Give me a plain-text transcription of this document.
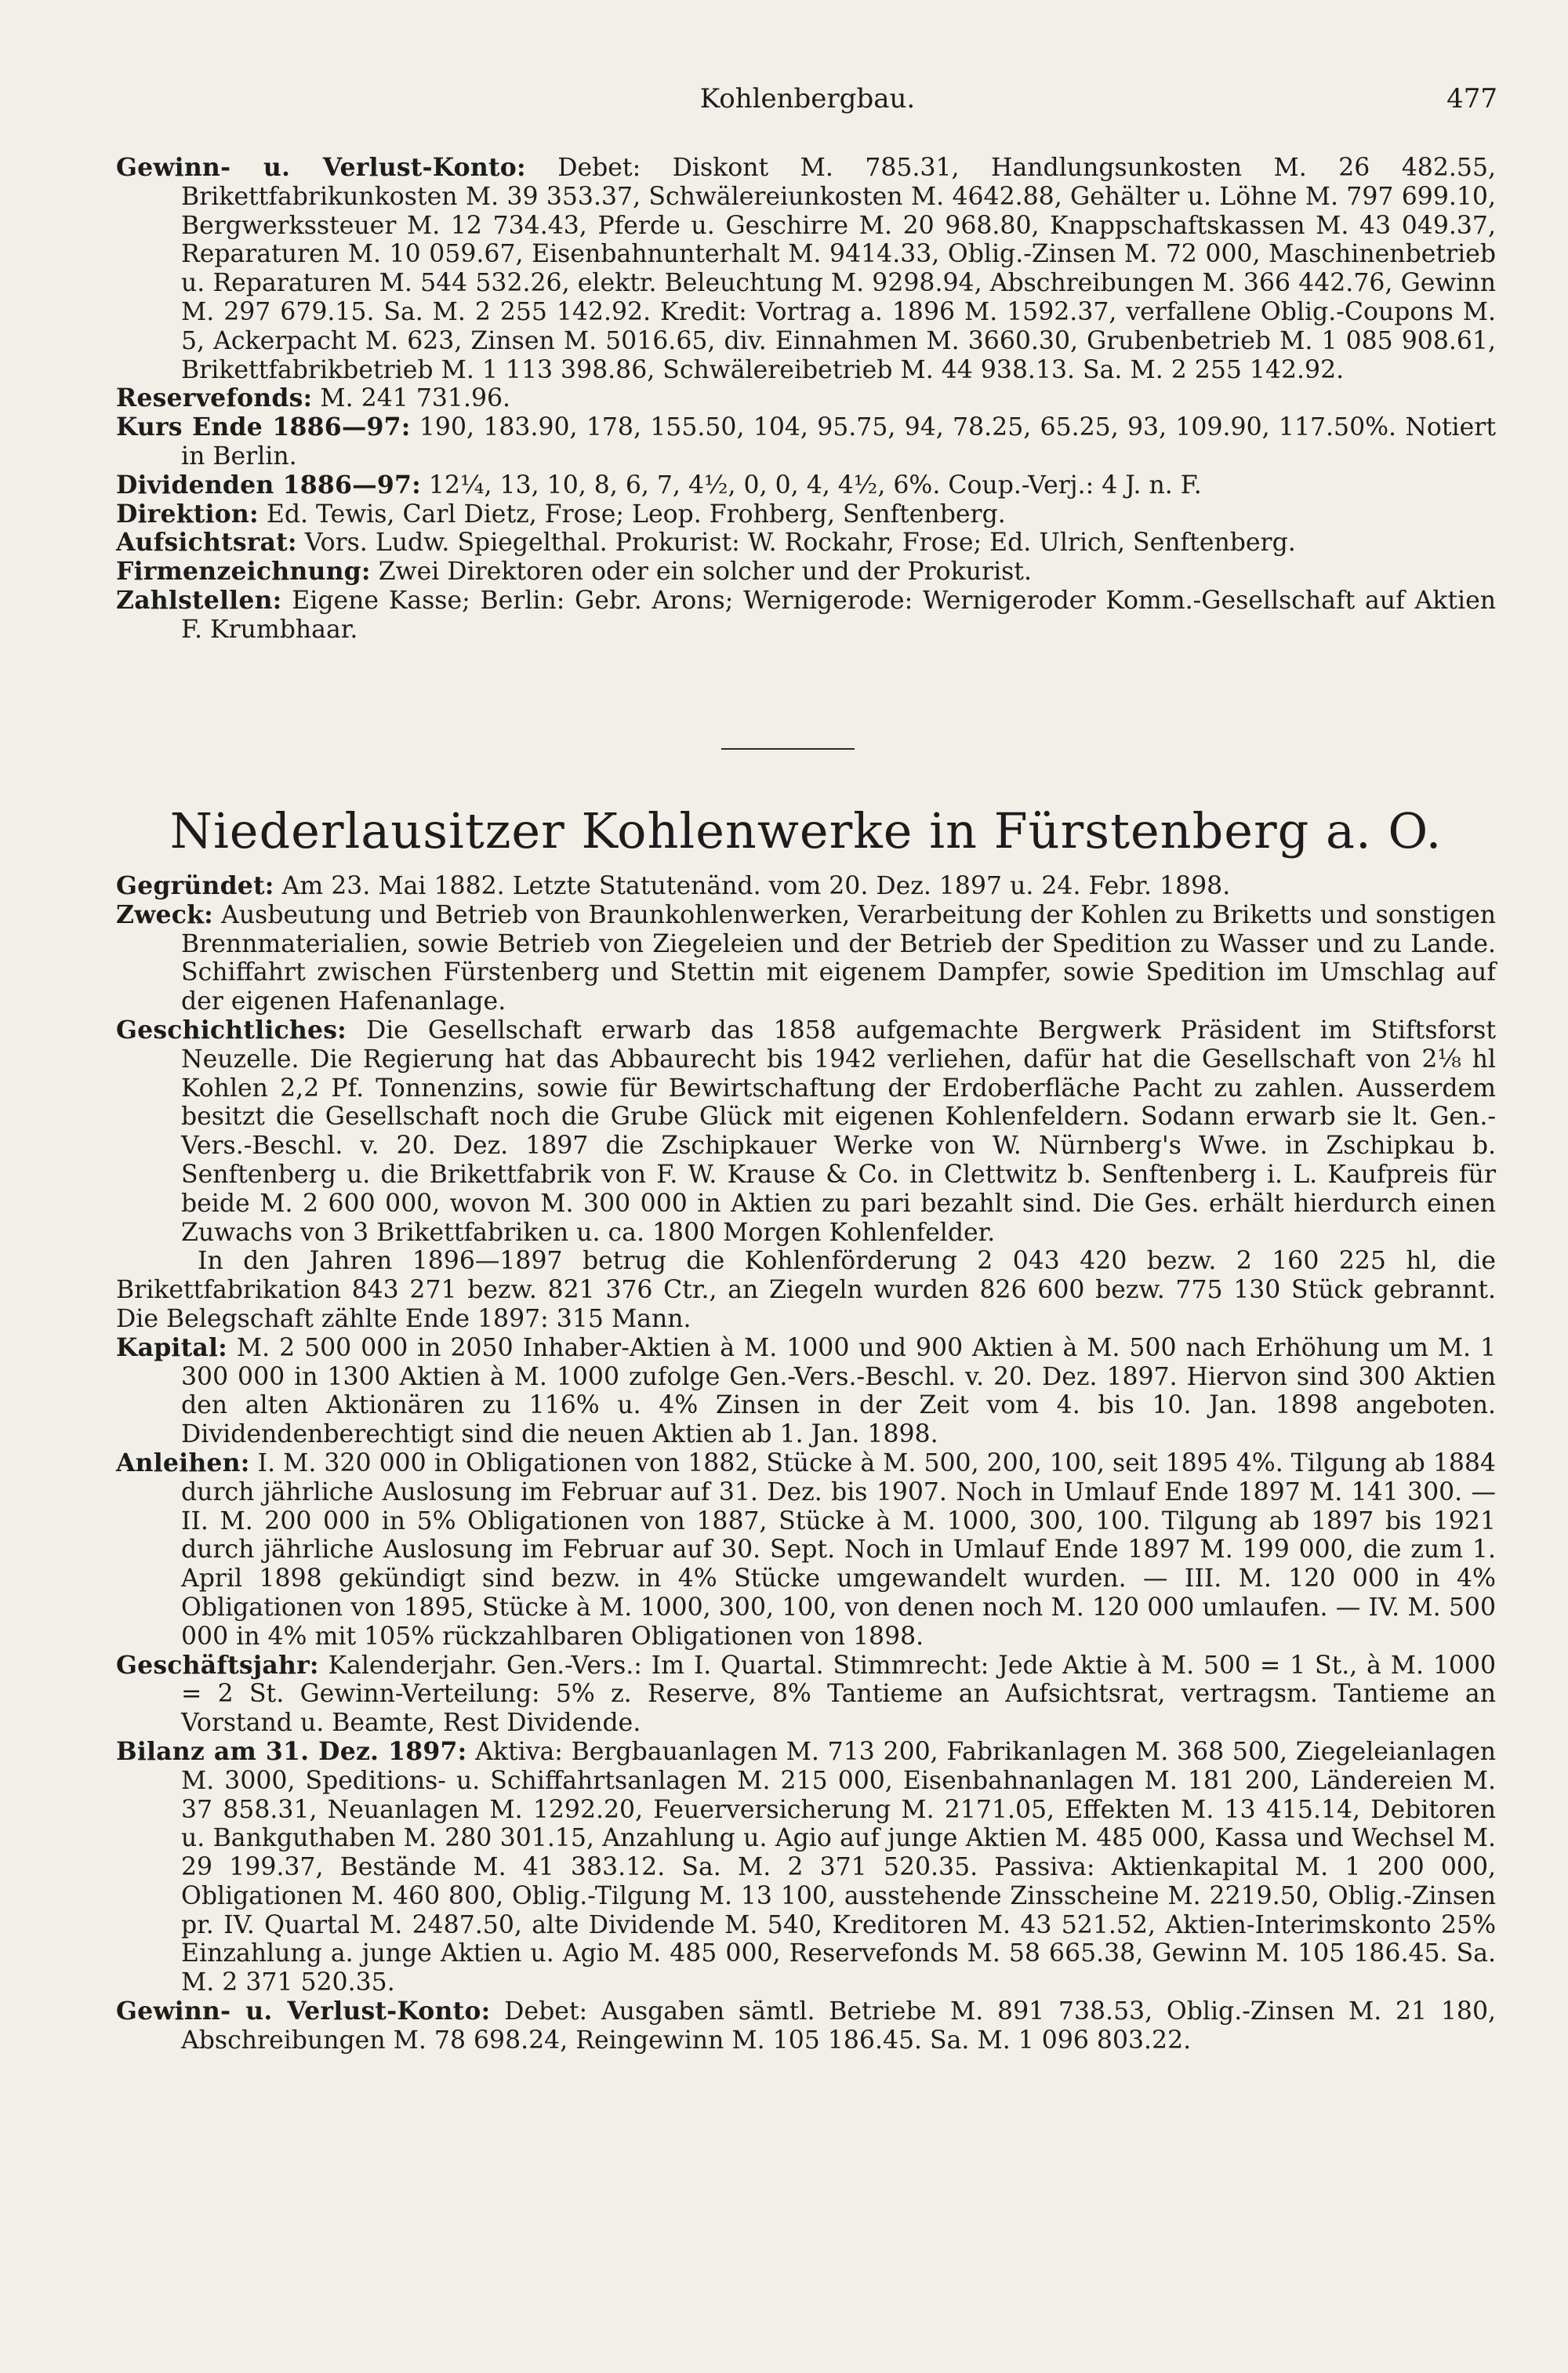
Kohlenbergbau.	477

Gewinn- u. Verlust-Konto: Debet: Diskont M. 785.31, Handlungsunkosten M. 26 482.55, Brikettfabrikunkosten M. 39 353.37, Schwälereiunkosten M. 4642.88, Gehälter u. Löhne M. 797 699.10, Bergwerkssteuer M. 12 734.43, Pferde u. Geschirre M. 20 968.80, Knappschaftskassen M. 43 049.37, Reparaturen M. 10 059.67, Eisenbahnunterhalt M. 9414.33, Oblig.-Zinsen M. 72 000, Maschinenbetrieb u. Reparaturen M. 544 532.26, elektr. Beleuchtung M. 9298.94, Abschreibungen M. 366 442.76, Gewinn M. 297 679.15. Sa. M. 2 255 142.92. Kredit: Vortrag a. 1896 M. 1592.37, verfallene Oblig.-Coupons M. 5, Ackerpacht M. 623, Zinsen M. 5016.65, div. Einnahmen M. 3660.30, Grubenbetrieb M. 1 085 908.61, Brikettfabrikbetrieb M. 1 113 398.86, Schwälereibetrieb M. 44 938.13. Sa. M. 2 255 142.92.

Reservefonds: M. 241 731.96.

Kurs Ende 1886—97: 190, 183.90, 178, 155.50, 104, 95.75, 94, 78.25, 65.25, 93, 109.90, 117.50%. Notiert in Berlin.

Dividenden 1886—97: 12¼, 13, 10, 8, 6, 7, 4½, 0, 0, 4, 4½, 6%. Coup.-Verj.: 4 J. n. F.

Direktion: Ed. Tewis, Carl Dietz, Frose; Leop. Frohberg, Senftenberg.

Aufsichtsrat: Vors. Ludw. Spiegelthal. Prokurist: W. Rockahr, Frose; Ed. Ulrich, Senftenberg.

Firmenzeichnung: Zwei Direktoren oder ein solcher und der Prokurist.

Zahlstellen: Eigene Kasse; Berlin: Gebr. Arons; Wernigerode: Wernigeroder Komm.-Gesellschaft auf Aktien F. Krumbhaar.

Niederlausitzer Kohlenwerke in Fürstenberg a. O.

Gegründet: Am 23. Mai 1882. Letzte Statutenänd. vom 20. Dez. 1897 u. 24. Febr. 1898.

Zweck: Ausbeutung und Betrieb von Braunkohlenwerken, Verarbeitung der Kohlen zu Briketts und sonstigen Brennmaterialien, sowie Betrieb von Ziegeleien und der Betrieb der Spedition zu Wasser und zu Lande. Schiffahrt zwischen Fürstenberg und Stettin mit eigenem Dampfer, sowie Spedition im Umschlag auf der eigenen Hafenanlage.

Geschichtliches: Die Gesellschaft erwarb das 1858 aufgemachte Bergwerk Präsident im Stiftsforst Neuzelle. Die Regierung hat das Abbaurecht bis 1942 verliehen, dafür hat die Gesellschaft von 2⅛ hl Kohlen 2,2 Pf. Tonnenzins, sowie für Bewirtschaftung der Erdoberfläche Pacht zu zahlen. Ausserdem besitzt die Gesellschaft noch die Grube Glück mit eigenen Kohlenfeldern. Sodann erwarb sie lt. Gen.-Vers.-Beschl. v. 20. Dez. 1897 die Zschipkauer Werke von W. Nürnberg's Wwe. in Zschipkau b. Senftenberg u. die Brikettfabrik von F. W. Krause & Co. in Clettwitz b. Senftenberg i. L. Kaufpreis für beide M. 2 600 000, wovon M. 300 000 in Aktien zu pari bezahlt sind. Die Ges. erhält hierdurch einen Zuwachs von 3 Brikettfabriken u. ca. 1800 Morgen Kohlenfelder.

In den Jahren 1896—1897 betrug die Kohlenförderung 2 043 420 bezw. 2 160 225 hl, die Brikettfabrikation 843 271 bezw. 821 376 Ctr., an Ziegeln wurden 826 600 bezw. 775 130 Stück gebrannt. Die Belegschaft zählte Ende 1897: 315 Mann.

Kapital: M. 2 500 000 in 2050 Inhaber-Aktien à M. 1000 und 900 Aktien à M. 500 nach Erhöhung um M. 1 300 000 in 1300 Aktien à M. 1000 zufolge Gen.-Vers.-Beschl. v. 20. Dez. 1897. Hiervon sind 300 Aktien den alten Aktionären zu 116% u. 4% Zinsen in der Zeit vom 4. bis 10. Jan. 1898 angeboten. Dividendenberechtigt sind die neuen Aktien ab 1. Jan. 1898.

Anleihen: I. M. 320 000 in Obligationen von 1882, Stücke à M. 500, 200, 100, seit 1895 4%. Tilgung ab 1884 durch jährliche Auslosung im Februar auf 31. Dez. bis 1907. Noch in Umlauf Ende 1897 M. 141 300. — II. M. 200 000 in 5% Obligationen von 1887, Stücke à M. 1000, 300, 100. Tilgung ab 1897 bis 1921 durch jährliche Auslosung im Februar auf 30. Sept. Noch in Umlauf Ende 1897 M. 199 000, die zum 1. April 1898 gekündigt sind bezw. in 4% Stücke umgewandelt wurden. — III. M. 120 000 in 4% Obligationen von 1895, Stücke à M. 1000, 300, 100, von denen noch M. 120 000 umlaufen. — IV. M. 500 000 in 4% mit 105% rückzahlbaren Obligationen von 1898.

Geschäftsjahr: Kalenderjahr. Gen.-Vers.: Im I. Quartal. Stimmrecht: Jede Aktie à M. 500 = 1 St., à M. 1000 = 2 St. Gewinn-Verteilung: 5% z. Reserve, 8% Tantieme an Aufsichtsrat, vertragsm. Tantieme an Vorstand u. Beamte, Rest Dividende.

Bilanz am 31. Dez. 1897: Aktiva: Bergbauanlagen M. 713 200, Fabrikanlagen M. 368 500, Ziegeleianlagen M. 3000, Speditions- u. Schiffahrtsanlagen M. 215 000, Eisenbahnanlagen M. 181 200, Ländereien M. 37 858.31, Neuanlagen M. 1292.20, Feuerversicherung M. 2171.05, Effekten M. 13 415.14, Debitoren u. Bankguthaben M. 280 301.15, Anzahlung u. Agio auf junge Aktien M. 485 000, Kassa und Wechsel M. 29 199.37, Bestände M. 41 383.12. Sa. M. 2 371 520.35. Passiva: Aktienkapital M. 1 200 000, Obligationen M. 460 800, Oblig.-Tilgung M. 13 100, ausstehende Zinsscheine M. 2219.50, Oblig.-Zinsen pr. IV. Quartal M. 2487.50, alte Dividende M. 540, Kreditoren M. 43 521.52, Aktien-Interimskonto 25% Einzahlung a. junge Aktien u. Agio M. 485 000, Reservefonds M. 58 665.38, Gewinn M. 105 186.45. Sa. M. 2 371 520.35.

Gewinn- u. Verlust-Konto: Debet: Ausgaben sämtl. Betriebe M. 891 738.53, Oblig.-Zinsen M. 21 180, Abschreibungen M. 78 698.24, Reingewinn M. 105 186.45. Sa. M. 1 096 803.22.
